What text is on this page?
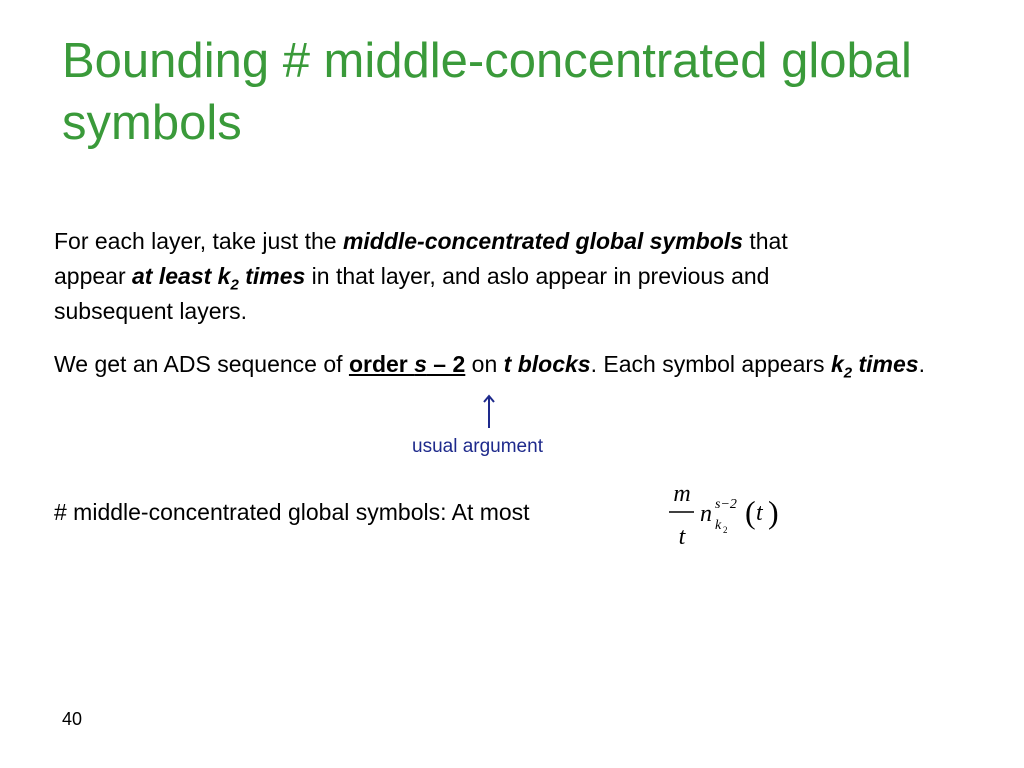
Bounding # middle-concentrated global symbols

For each layer, take just the middle-concentrated global symbols that appear at least $k_2$ times in that layer, and aslo appear in previous and subsequent layers.

We get an ADS sequence of order s – 2 on t blocks. Each symbol appears $k_2$ times.

usual argument

# middle-concentrated global symbols: At most

m
t
n s−2
k 2 ( t )

40
